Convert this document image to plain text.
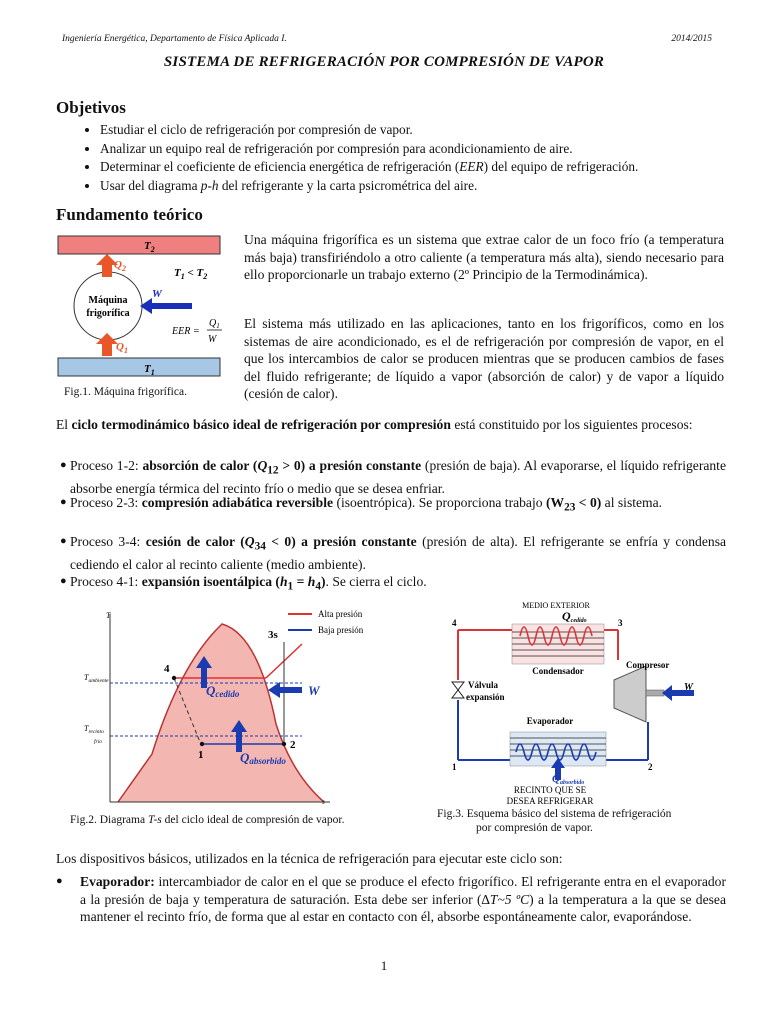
Ingeniería Energética, Departamento de Física Aplicada I.	2014/2015
SISTEMA DE REFRIGERACIÓN POR COMPRESIÓN DE VAPOR
Objetivos
• Estudiar el ciclo de refrigeración por compresión de vapor.
• Analizar un equipo real de refrigeración por compresión para acondicionamiento de aire.
• Determinar el coeficiente de eficiencia energética de refrigeración (EER) del equipo de refrigeración.
• Usar del diagrama p-h del refrigerante y la carta psicrométrica del aire.
Fundamento teórico
$T_2$
$T_1$
Máquina
frigorífica
$Q_2$
$Q_1$
W
$T_1 < T_2$
EER =
$Q_1$
W
Fig.1. Máquina frigorífica.
Una máquina frigorífica es un sistema que extrae calor de un foco frío (a temperatura más baja) transfiriéndolo a otro caliente (a temperatura más alta), siendo necesario para ello proporcionarle un trabajo externo (2º Principio de la Termodinámica).
El sistema más utilizado en las aplicaciones, tanto en los frigoríficos, como en los sistemas de aire acondicionado, es el de refrigeración por compresión de vapor, en el que los intercambios de calor se producen mientras que se producen cambios de fases del fluido refrigerante; de líquido a vapor (absorción de calor) y de vapor a líquido (cesión de calor).
El ciclo termodinámico básico ideal de refrigeración por compresión está constituido por los siguientes procesos:
● Proceso 1-2: absorción de calor $(Q_{12} > 0)$ a presión constante (presión de baja). Al evaporarse, el líquido refrigerante absorbe energía térmica del recinto frío o medio que se desea enfriar.
● Proceso 2-3: compresión adiabática reversible (isoentrópica). Se proporciona trabajo $(W_{23} < 0)$ al sistema.
● Proceso 3-4: cesión de calor $(Q_{34} < 0)$ a presión constante (presión de alta). El refrigerante se enfría y condensa cediendo el calor al recinto caliente (medio ambiente).
● Proceso 4-1: expansión isoentálpica $(h_1 = h_4)$. Se cierra el ciclo.
T
s
Alta presión
Baja presión
3s
4
1
2
$T_{ambiente}$
$T_{recinto}$
frío
Qcedido
Qabsorbido
W
Fig.2. Diagrama T-s del ciclo ideal de compresión de vapor.
MEDIO EXTERIOR
Qcedido
Condensador
Compresor
W
Válvula
expansión
Evaporador
Qabsorbido
RECINTO QUE SE
DESEA REFRIGERAR
1	2
3
4
Fig.3. Esquema básico del sistema de refrigeración
por compresión de vapor.
Los dispositivos básicos, utilizados en la técnica de refrigeración para ejecutar este ciclo son:
● Evaporador: intercambiador de calor en el que se produce el efecto frigorífico. El refrigerante entra en el evaporador a la presión de baja y temperatura de saturación. Esta debe ser inferior (∆T~5 ºC) a la temperatura a la que se desea mantener el recinto frío, de forma que al estar en contacto con él, absorbe espontáneamente calor, evaporándose.
1
